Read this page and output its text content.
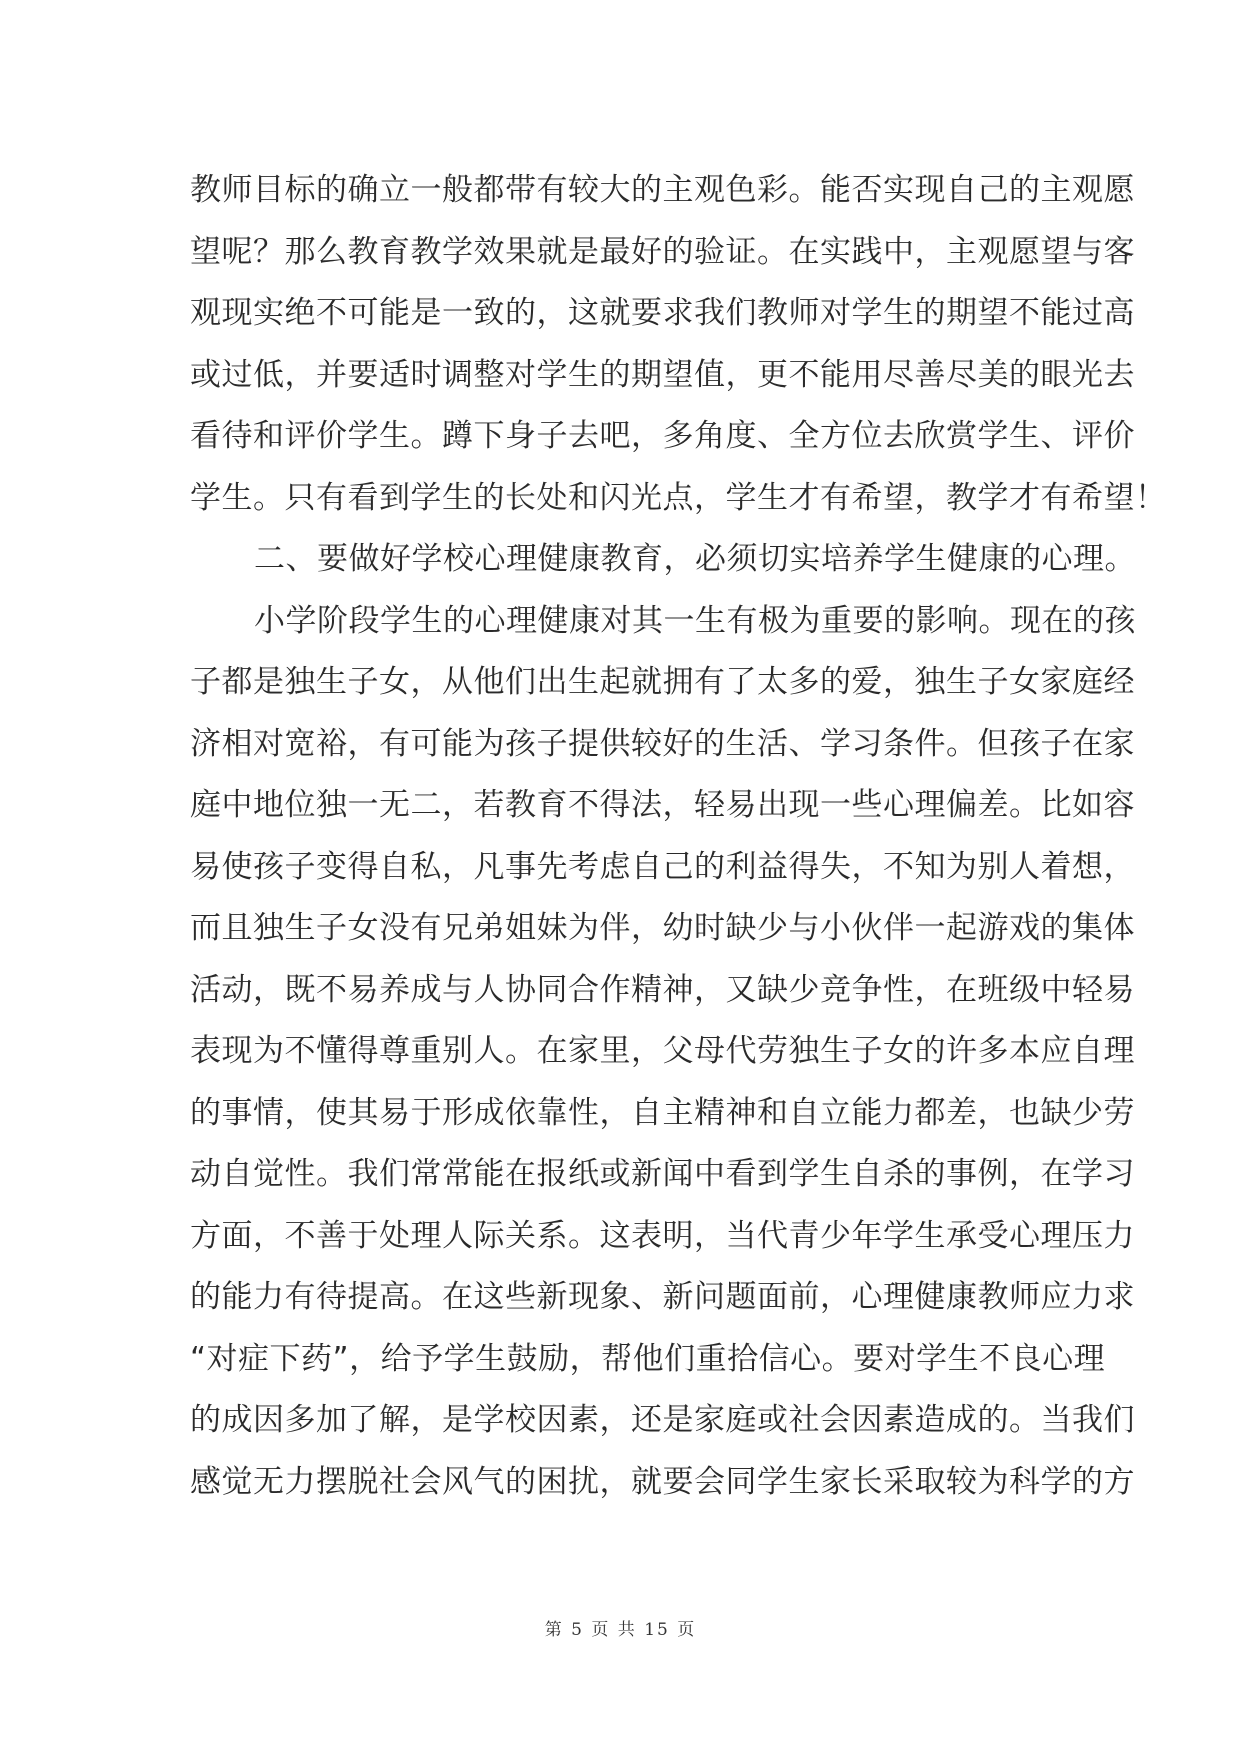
教师目标的确立一般都带有较大的主观色彩。能否实现自己的主观愿
望呢？那么教育教学效果就是最好的验证。在实践中，主观愿望与客
观现实绝不可能是一致的，这就要求我们教师对学生的期望不能过高
或过低，并要适时调整对学生的期望值，更不能用尽善尽美的眼光去
看待和评价学生。蹲下身子去吧，多角度、全方位去欣赏学生、评价
学生。只有看到学生的长处和闪光点，学生才有希望，教学才有希望！
二、要做好学校心理健康教育，必须切实培养学生健康的心理。
小学阶段学生的心理健康对其一生有极为重要的影响。现在的孩
子都是独生子女，从他们出生起就拥有了太多的爱，独生子女家庭经
济相对宽裕，有可能为孩子提供较好的生活、学习条件。但孩子在家
庭中地位独一无二，若教育不得法，轻易出现一些心理偏差。比如容
易使孩子变得自私，凡事先考虑自己的利益得失，不知为别人着想，
而且独生子女没有兄弟姐妹为伴，幼时缺少与小伙伴一起游戏的集体
活动，既不易养成与人协同合作精神，又缺少竞争性，在班级中轻易
表现为不懂得尊重别人。在家里，父母代劳独生子女的许多本应自理
的事情，使其易于形成依靠性，自主精神和自立能力都差，也缺少劳
动自觉性。我们常常能在报纸或新闻中看到学生自杀的事例，在学习
方面，不善于处理人际关系。这表明，当代青少年学生承受心理压力
的能力有待提高。在这些新现象、新问题面前，心理健康教师应力求
“对症下药”，给予学生鼓励，帮他们重拾信心。要对学生不良心理
的成因多加了解，是学校因素，还是家庭或社会因素造成的。当我们
感觉无力摆脱社会风气的困扰，就要会同学生家长采取较为科学的方
第 5 页 共 15 页
